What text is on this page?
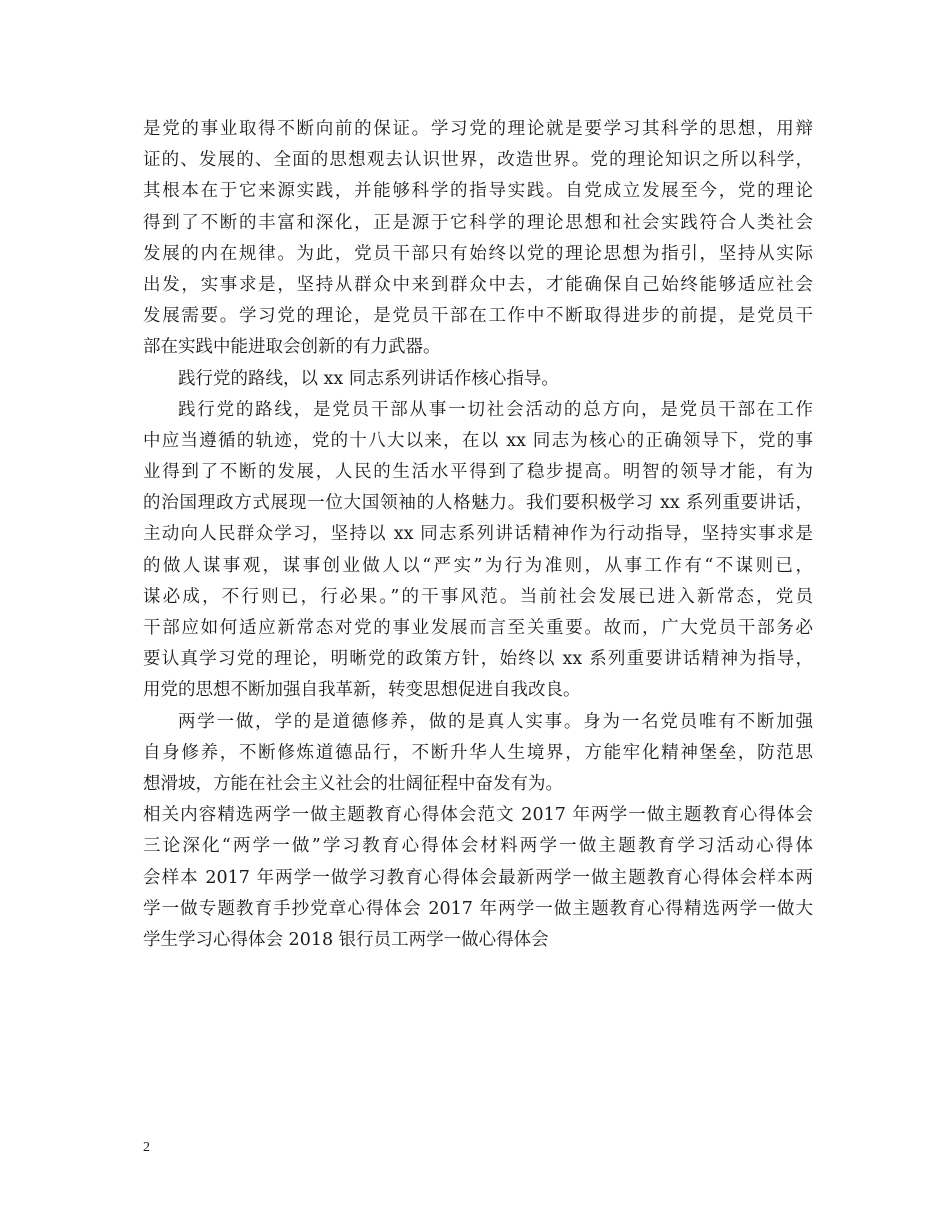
是党的事业取得不断向前的保证。学习党的理论就是要学习其科学的思想，用辩
证的、发展的、全面的思想观去认识世界，改造世界。党的理论知识之所以科学，
其根本在于它来源实践，并能够科学的指导实践。自党成立发展至今，党的理论
得到了不断的丰富和深化，正是源于它科学的理论思想和社会实践符合人类社会
发展的内在规律。为此，党员干部只有始终以党的理论思想为指引，坚持从实际
出发，实事求是，坚持从群众中来到群众中去，才能确保自己始终能够适应社会
发展需要。学习党的理论，是党员干部在工作中不断取得进步的前提，是党员干
部在实践中能进取会创新的有力武器。
践行党的路线，以 xx 同志系列讲话作核心指导。
践行党的路线，是党员干部从事一切社会活动的总方向，是党员干部在工作
中应当遵循的轨迹，党的十八大以来，在以 xx 同志为核心的正确领导下，党的事
业得到了不断的发展，人民的生活水平得到了稳步提高。明智的领导才能，有为
的治国理政方式展现一位大国领袖的人格魅力。我们要积极学习 xx 系列重要讲话，
主动向人民群众学习，坚持以 xx 同志系列讲话精神作为行动指导，坚持实事求是
的做人谋事观，谋事创业做人以“严实”为行为准则，从事工作有“不谋则已，
谋必成，不行则已，行必果。”的干事风范。当前社会发展已进入新常态，党员
干部应如何适应新常态对党的事业发展而言至关重要。故而，广大党员干部务必
要认真学习党的理论，明晰党的政策方针，始终以 xx 系列重要讲话精神为指导，
用党的思想不断加强自我革新，转变思想促进自我改良。
两学一做，学的是道德修养，做的是真人实事。身为一名党员唯有不断加强
自身修养，不断修炼道德品行，不断升华人生境界，方能牢化精神堡垒，防范思
想滑坡，方能在社会主义社会的壮阔征程中奋发有为。
相关内容精选两学一做主题教育心得体会范文 2017 年两学一做主题教育心得体会
三论深化“两学一做”学习教育心得体会材料两学一做主题教育学习活动心得体
会样本 2017 年两学一做学习教育心得体会最新两学一做主题教育心得体会样本两
学一做专题教育手抄党章心得体会 2017 年两学一做主题教育心得精选两学一做大
学生学习心得体会 2018 银行员工两学一做心得体会
2
